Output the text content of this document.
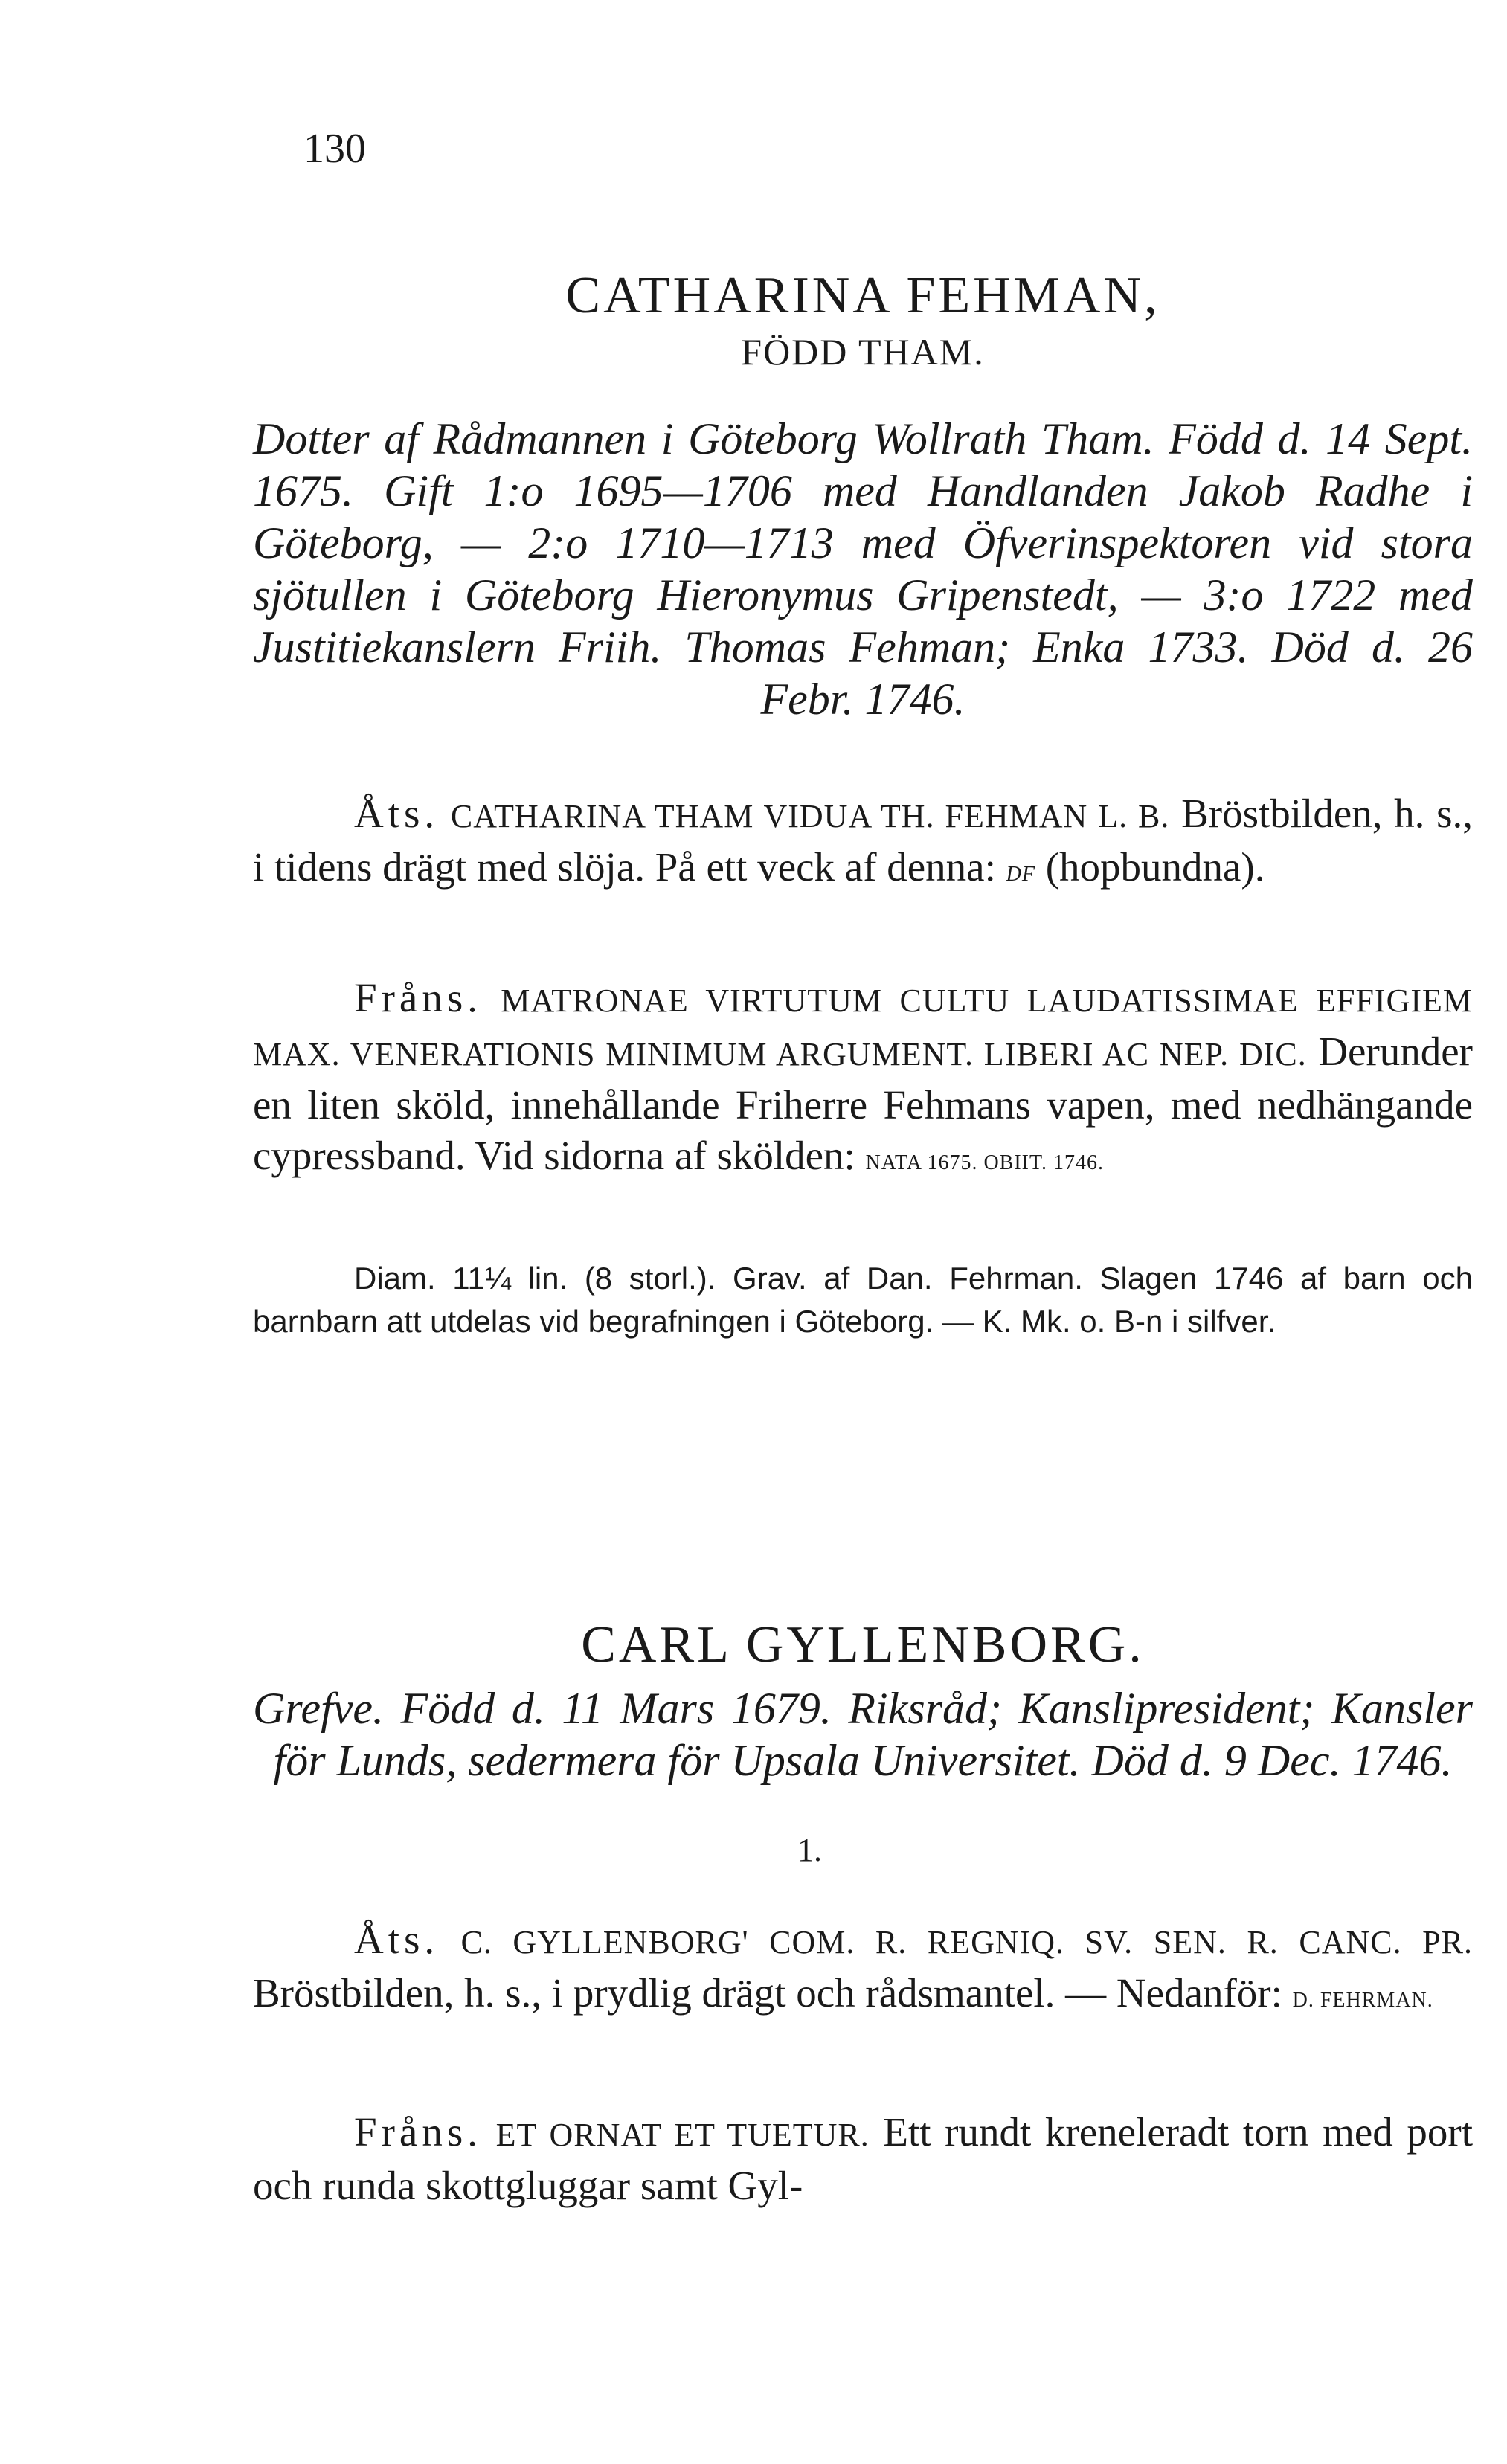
130
CATHARINA FEHMAN,
FÖDD THAM.
Dotter af Rådmannen i Göteborg Wollrath Tham. Född d. 14 Sept. 1675. Gift 1:o 1695—1706 med Handlanden Jakob Radhe i Göteborg, — 2:o 1710—1713 med Öfverinspektoren vid stora sjötullen i Göteborg Hieronymus Gripenstedt, — 3:o 1722 med Justitiekanslern Friih. Thomas Fehman; Enka 1733. Död d. 26 Febr. 1746.
Åts. CATHARINA THAM VIDUA TH. FEHMAN L. B. Bröstbilden, h. s., i tidens drägt med slöja. På ett veck af denna: DF (hopbundna).
Fråns. MATRONAE VIRTUTUM CULTU LAUDATISSIMAE EFFIGIEM MAX. VENERATIONIS MINIMUM ARGUMENT. LIBERI AC NEP. DIC. Derunder en liten sköld, innehållande Friherre Fehmans vapen, med nedhängande cypressband. Vid sidorna af skölden: NATA 1675. OBIIT. 1746.
Diam. 11¼ lin. (8 storl.). Grav. af Dan. Fehrman. Slagen 1746 af barn och barnbarn att utdelas vid begrafningen i Göteborg. — K. Mk. o. B-n i silfver.
CARL GYLLENBORG.
Grefve. Född d. 11 Mars 1679. Riksråd; Kanslipresident; Kansler för Lunds, sedermera för Upsala Universitet. Död d. 9 Dec. 1746.
1.
Åts. C. GYLLENBORG' COM. R. REGNIQ. SV. SEN. R. CANC. PR. Bröstbilden, h. s., i prydlig drägt och rådsmantel. — Nedanför: D. FEHRMAN.
Fråns. ET ORNAT ET TUETUR. Ett rundt kreneleradt torn med port och runda skottgluggar samt Gyl-
